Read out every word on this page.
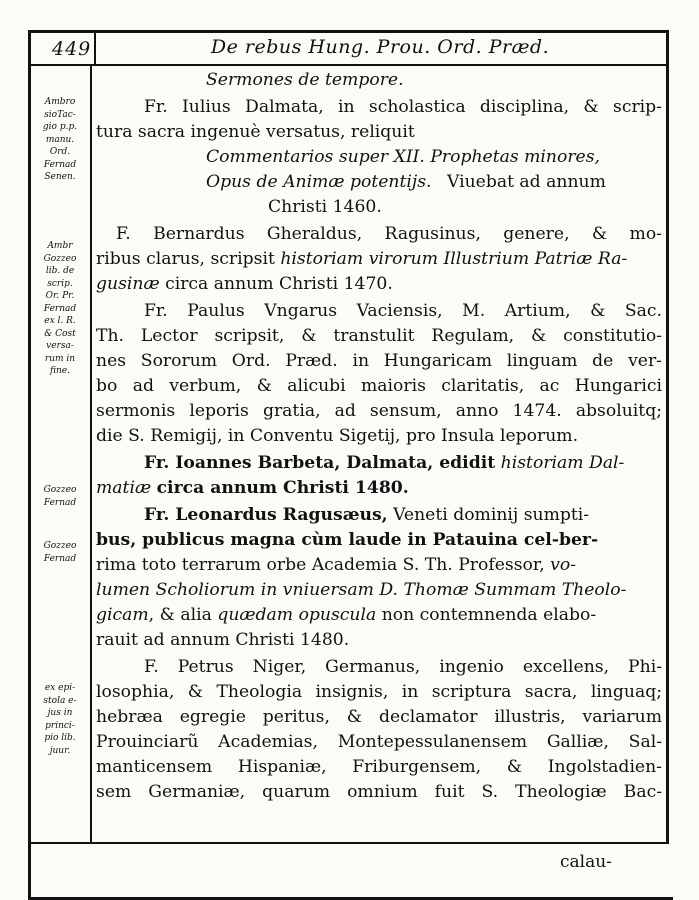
449	De rebus Hung. Prou. Ord. Præd.
Ambro
sioTac-
gio p.p.
manu.
Ord.
Fernad
Senen.
Ambr
Gozzeo
lib. de
scrip.
Or. Pr.
Fernad
ex l. R.
& Cost
versa-
rum in
fine.
Gozzeo
Fernad
Gozzeo
Fernad
ex epi-
stola e-
jus in
princi-
pio lib.
juur.
Sermones de tempore.
Fr. Iulius Dalmata, in scholastica disciplina, & scrip-
tura sacra ingenuè versatus, reliquit
Commentarios super XII. Prophetas minores,
Opus de Animæ potentijs. Viuebat ad annum
Christi 1460.
F. Bernardus Gheraldus, Ragusinus, genere, & mo-
ribus clarus, scripsit historiam virorum Illustrium Patriæ Ra-
gusinæ circa annum Christi 1470.
Fr. Paulus Vngarus Vaciensis, M. Artium, & Sac.
Th. Lector scripsit, & transtulit Regulam, & constitutio-
nes Sororum Ord. Præd. in Hungaricam linguam de ver-
bo ad verbum, & alicubi maioris claritatis, ac Hungarici
sermonis leporis gratia, ad sensum, anno 1474. absoluitq;
die S. Remigij, in Conventu Sigetij, pro Insula leporum.
Fr. Ioannes Barbeta, Dalmata, edidit historiam Dal-
matiæ circa annum Christi 1480.
Fr. Leonardus Ragusæus, Veneti dominij sumpti-
bus, publicus magna cùm laude in Patauina cel-ber-
rima toto terrarum orbe Academia S. Th. Professor, vo-
lumen Scholiorum in vniuersam D. Thomæ Summam Theolo-
gicam, & alia quædam opuscula non contemnenda elabo-
rauit ad annum Christi 1480.
F. Petrus Niger, Germanus, ingenio excellens, Phi-
losophia, & Theologia insignis, in scriptura sacra, linguaq;
hebræa egregie peritus, & declamator illustris, variarum
Prouinciarũ Academias, Montepessulanensem Galliæ, Sal-
manticensem Hispaniæ, Friburgensem, & Ingolstadien-
sem Germaniæ, quarum omnium fuit S. Theologiæ Bac-
calau-
